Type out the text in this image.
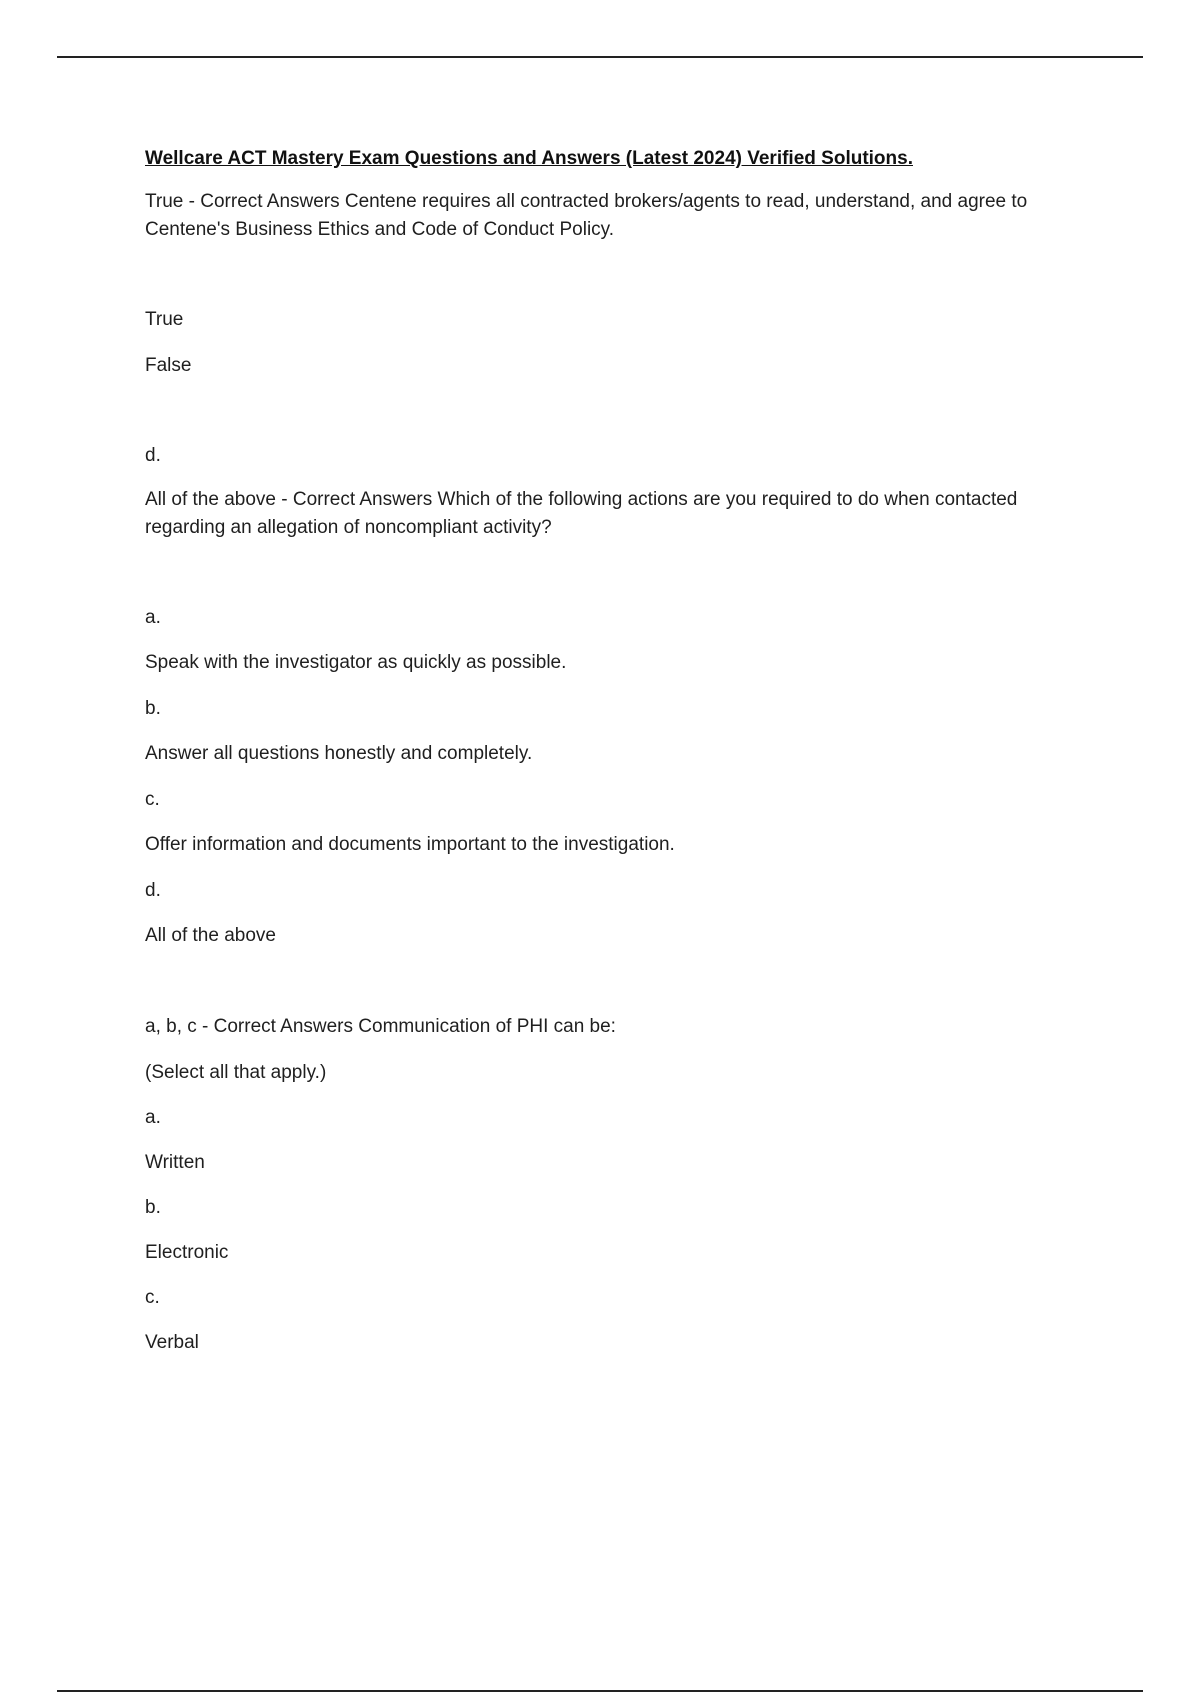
Wellcare ACT Mastery Exam Questions and Answers (Latest 2024) Verified Solutions.

True - Correct Answers Centene requires all contracted brokers/agents to read, understand, and agree to Centene's Business Ethics and Code of Conduct Policy.

True

False

d.

All of the above - Correct Answers Which of the following actions are you required to do when contacted regarding an allegation of noncompliant activity?

a.

Speak with the investigator as quickly as possible.

b.

Answer all questions honestly and completely.

c.

Offer information and documents important to the investigation.

d.

All of the above

a, b, c - Correct Answers Communication of PHI can be:

(Select all that apply.)

a.

Written

b.

Electronic

c.

Verbal
